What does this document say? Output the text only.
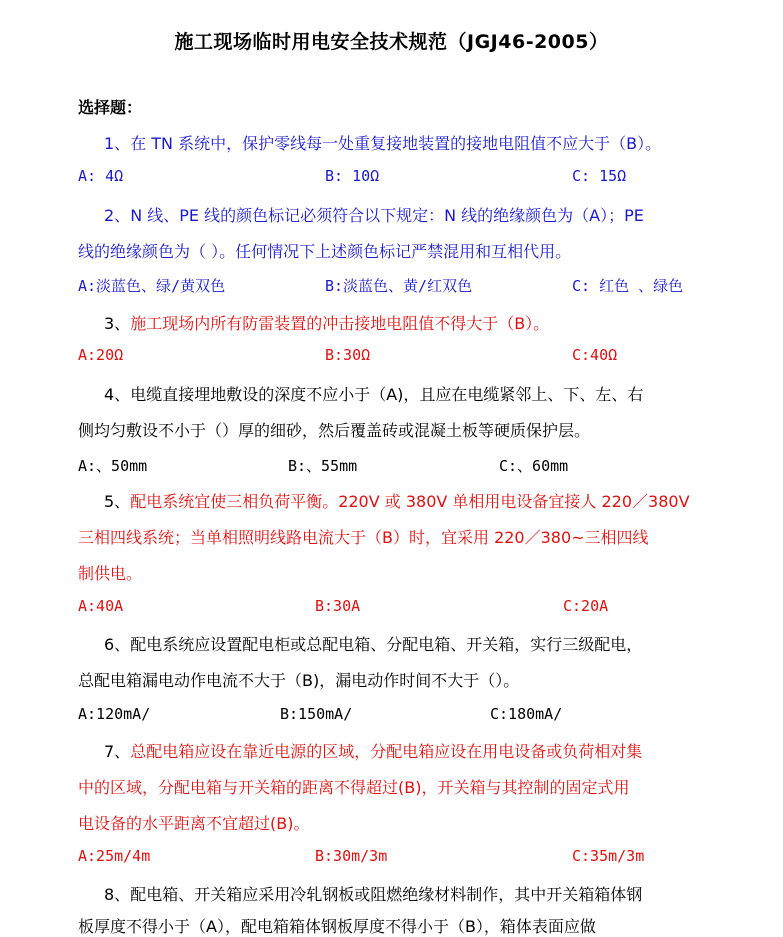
施工现场临时用电安全技术规范（JGJ46-2005）
选择题：
1、在 TN 系统中，保护零线每一处重复接地装置的接地电阻值不应大于（B）。
A: 4Ω	B: 10Ω	C: 15Ω
2、N 线、PE 线的颜色标记必须符合以下规定：N 线的绝缘颜色为（A）；PE
线的绝缘颜色为（ ）。任何情况下上述颜色标记严禁混用和互相代用。
A:淡蓝色、绿/黄双色	B:淡蓝色、黄/红双色	C: 红色 、绿色
3、施工现场内所有防雷装置的冲击接地电阻值不得大于（B）。
A:20Ω	B:30Ω	C:40Ω
4、电缆直接埋地敷设的深度不应小于（A)，且应在电缆紧邻上、下、左、右
侧均匀敷设不小于（）厚的细砂，然后覆盖砖或混凝土板等硬质保护层。
A:、50mm	B:、55mm	C:、60mm
5、配电系统宜使三相负荷平衡。220V 或 380V 单相用电设备宜接人 220／380V
三相四线系统；当单相照明线路电流大于（B）时，宜采用 220／380~三相四线
制供电。
A:40A	B:30A	C:20A
6、配电系统应设置配电柜或总配电箱、分配电箱、开关箱，实行三级配电，
总配电箱漏电动作电流不大于（B)，漏电动作时间不大于（）。
A:120mA/	B:150mA/	C:180mA/
7、总配电箱应设在靠近电源的区域，分配电箱应设在用电设备或负荷相对集
中的区域，分配电箱与开关箱的距离不得超过(B)，开关箱与其控制的固定式用
电设备的水平距离不宜超过(B)。
A:25m/4m	B:30m/3m	C:35m/3m
8、配电箱、开关箱应采用冷轧钢板或阻燃绝缘材料制作，其中开关箱箱体钢
板厚度不得小于（A），配电箱箱体钢板厚度不得小于（B），箱体表面应做
